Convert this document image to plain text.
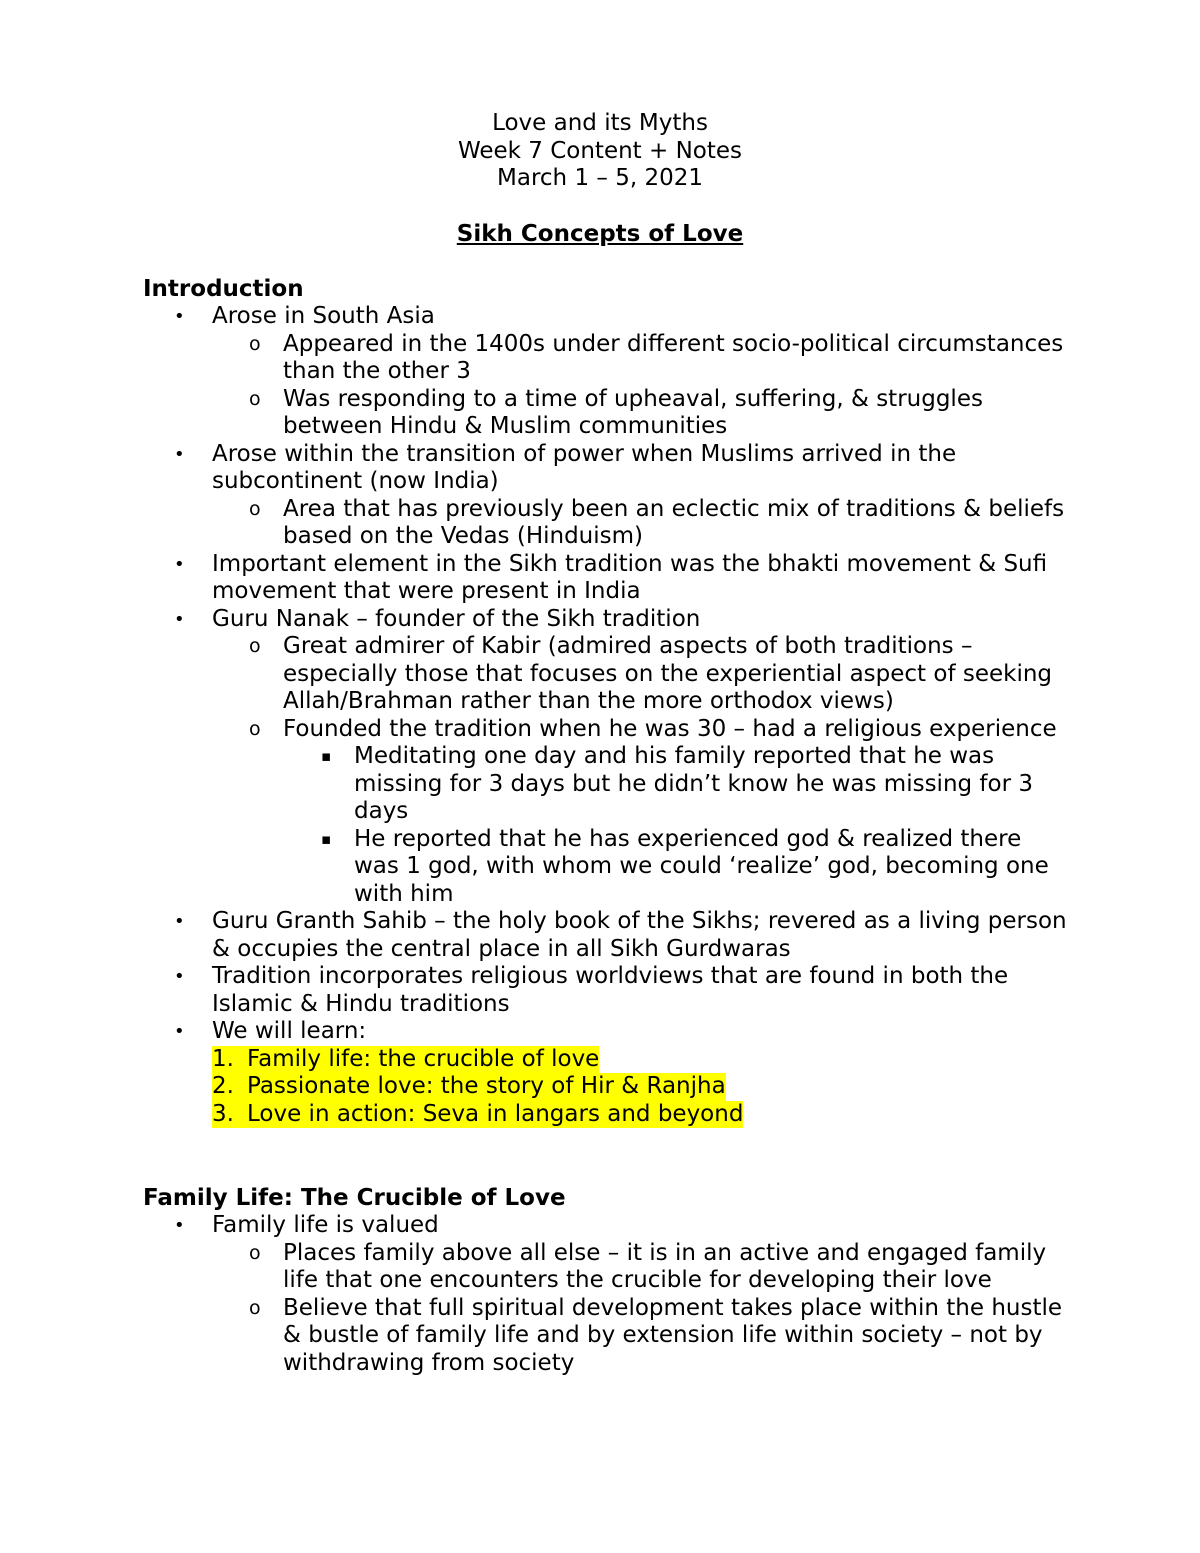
Love and its Myths
Week 7 Content + Notes
March 1 – 5, 2021
Sikh Concepts of Love
Introduction
• Arose in South Asia
o Appeared in the 1400s under different socio-political circumstances than the other 3
o Was responding to a time of upheaval, suffering, & struggles between Hindu & Muslim communities
• Arose within the transition of power when Muslims arrived in the subcontinent (now India)
o Area that has previously been an eclectic mix of traditions & beliefs based on the Vedas (Hinduism)
• Important element in the Sikh tradition was the bhakti movement & Sufi movement that were present in India
• Guru Nanak – founder of the Sikh tradition
o Great admirer of Kabir (admired aspects of both traditions – especially those that focuses on the experiential aspect of seeking Allah/Brahman rather than the more orthodox views)
o Founded the tradition when he was 30 – had a religious experience
▪ Meditating one day and his family reported that he was missing for 3 days but he didn’t know he was missing for 3 days
▪ He reported that he has experienced god & realized there was 1 god, with whom we could ‘realize’ god, becoming one with him
• Guru Granth Sahib – the holy book of the Sikhs; revered as a living person & occupies the central place in all Sikh Gurdwaras
• Tradition incorporates religious worldviews that are found in both the Islamic & Hindu traditions
• We will learn:
1. Family life: the crucible of love
2. Passionate love: the story of Hir & Ranjha
3. Love in action: Seva in langars and beyond
Family Life: The Crucible of Love
• Family life is valued
o Places family above all else – it is in an active and engaged family life that one encounters the crucible for developing their love
o Believe that full spiritual development takes place within the hustle & bustle of family life and by extension life within society – not by withdrawing from society
